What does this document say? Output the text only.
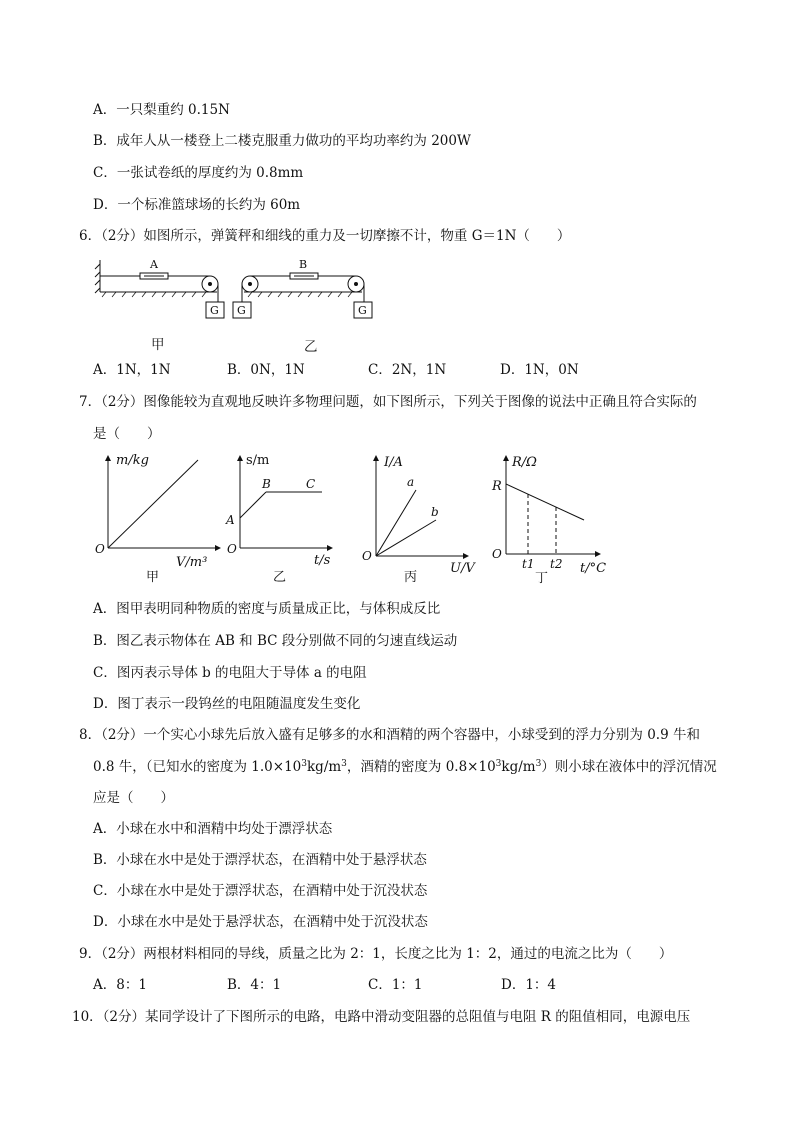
A．一只梨重约 0.15N
B．成年人从一楼登上二楼克服重力做功的平均功率约为 200W
C．一张试卷纸的厚度约为 0.8mm
D．一个标准篮球场的长约为 60m
6．（2分）如图所示，弹簧秤和细线的重力及一切摩擦不计，物重 G＝1N（　　）
A
G
B
G	G
甲	乙
A．1N，1N	B．0N，1N	C．2N，1N	D．1N，0N
7．（2分）图像能较为直观地反映许多物理问题，如下图所示，下列关于图像的说法中正确且符合实际的
是（　　）
m/kg
O
V/m³
甲
s/m
A
B	C
O
t/s
乙
I/A
a
b
O
U/V
丙
R/Ω
R
O
t1 t2 t/°C
丁
A．图甲表明同种物质的密度与质量成正比，与体积成反比
B．图乙表示物体在 AB 和 BC 段分别做不同的匀速直线运动
C．图丙表示导体 b 的电阻大于导体 a 的电阻
D．图丁表示一段钨丝的电阻随温度发生变化
8．（2分）一个实心小球先后放入盛有足够多的水和酒精的两个容器中，小球受到的浮力分别为 0.9 牛和
0.8 牛，（已知水的密度为 $1.0\times 10^3kg/m^3$，酒精的密度为 $0.8\times 10^3kg/m^3$）则小球在液体中的浮沉情况
应是（　　）
A．小球在水中和酒精中均处于漂浮状态
B．小球在水中是处于漂浮状态，在酒精中处于悬浮状态
C．小球在水中是处于漂浮状态，在酒精中处于沉没状态
D．小球在水中是处于悬浮状态，在酒精中处于沉没状态
9．（2分）两根材料相同的导线，质量之比为 2：1，长度之比为 1：2，通过的电流之比为（　　）
A．8：1	B．4：1	C．1：1	D．1：4
10．（2分）某同学设计了下图所示的电路，电路中滑动变阻器的总阻值与电阻 R 的阻值相同，电源电压
